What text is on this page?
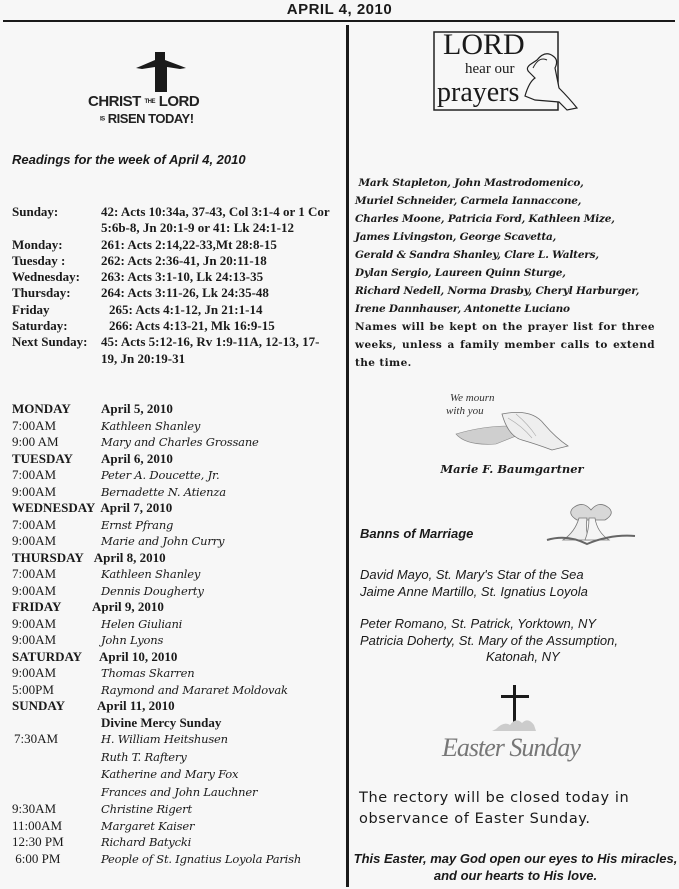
APRIL 4, 2010
CHRIST THE LORD
IS RISEN TODAY!
Readings for the week of April 4, 2010
Sunday:	42: Acts 10:34a, 37-43, Col 3:1-4 or 1 Cor 5:6b-8, Jn 20:1-9 or 41: Lk 24:1-12
Monday:	261: Acts 2:14,22-33,Mt 28:8-15
Tuesday :	262: Acts 2:36-41, Jn 20:11-18
Wednesday:	263: Acts 3:1-10, Lk 24:13-35
Thursday:	264: Acts 3:11-26, Lk 24:35-48
Friday	265: Acts 4:1-12, Jn 21:1-14
Saturday:	266: Acts 4:13-21, Mk 16:9-15
Next Sunday:	45: Acts 5:12-16, Rv 1:9-11A, 12-13, 17-19, Jn 20:19-31
MONDAY	April 5, 2010
7:00AM	Kathleen Shanley
9:00 AM	Mary and Charles Grossane
TUESDAY	April 6, 2010
7:00AM	Peter A. Doucette, Jr.
9:00AM	Bernadette N. Atienza
WEDNESDAY April 7, 2010
7:00AM	Ernst Pfrang
9:00AM	Marie and John Curry
THURSDAY April 8, 2010
7:00AM	Kathleen Shanley
9:00AM	Dennis Dougherty
FRIDAY	April 9, 2010
9:00AM	Helen Giuliani
9:00AM	John Lyons
SATURDAY	April 10, 2010
9:00AM	Thomas Skarren
5:00PM	Raymond and Mararet Moldovak
SUNDAY	April 11, 2010
Divine Mercy Sunday
7:30AM	H. William Heitshusen
Ruth T. Raftery
Katherine and Mary Fox
Frances and John Lauchner
9:30AM	Christine Rigert
11:00AM	Margaret Kaiser
12:30 PM	Richard Batycki
6:00 PM	People of St. Ignatius Loyola Parish
LORD
hear our
prayers
Mark Stapleton, John Mastrodomenico,
Muriel Schneider, Carmela Iannaccone,
Charles Moone, Patricia Ford, Kathleen Mize,
James Livingston, George Scavetta,
Gerald & Sandra Shanley, Clare L. Walters,
Dylan Sergio, Laureen Quinn Sturge,
Richard Nedell, Norma Drasby, Cheryl Harburger,
Irene Dannhauser, Antonette Luciano
Names will be kept on the prayer list for three weeks, unless a family member calls to extend the time.
We mourn
with you
Marie F. Baumgartner
Banns of Marriage
David Mayo, St. Mary's Star of the Sea
Jaime Anne Martillo, St. Ignatius Loyola
Peter Romano, St. Patrick, Yorktown, NY
Patricia Doherty, St. Mary of the Assumption,
Katonah, NY
Easter Sunday
The rectory will be closed today in observance of Easter Sunday.
This Easter, may God open our eyes to His miracles, and our hearts to His love.
